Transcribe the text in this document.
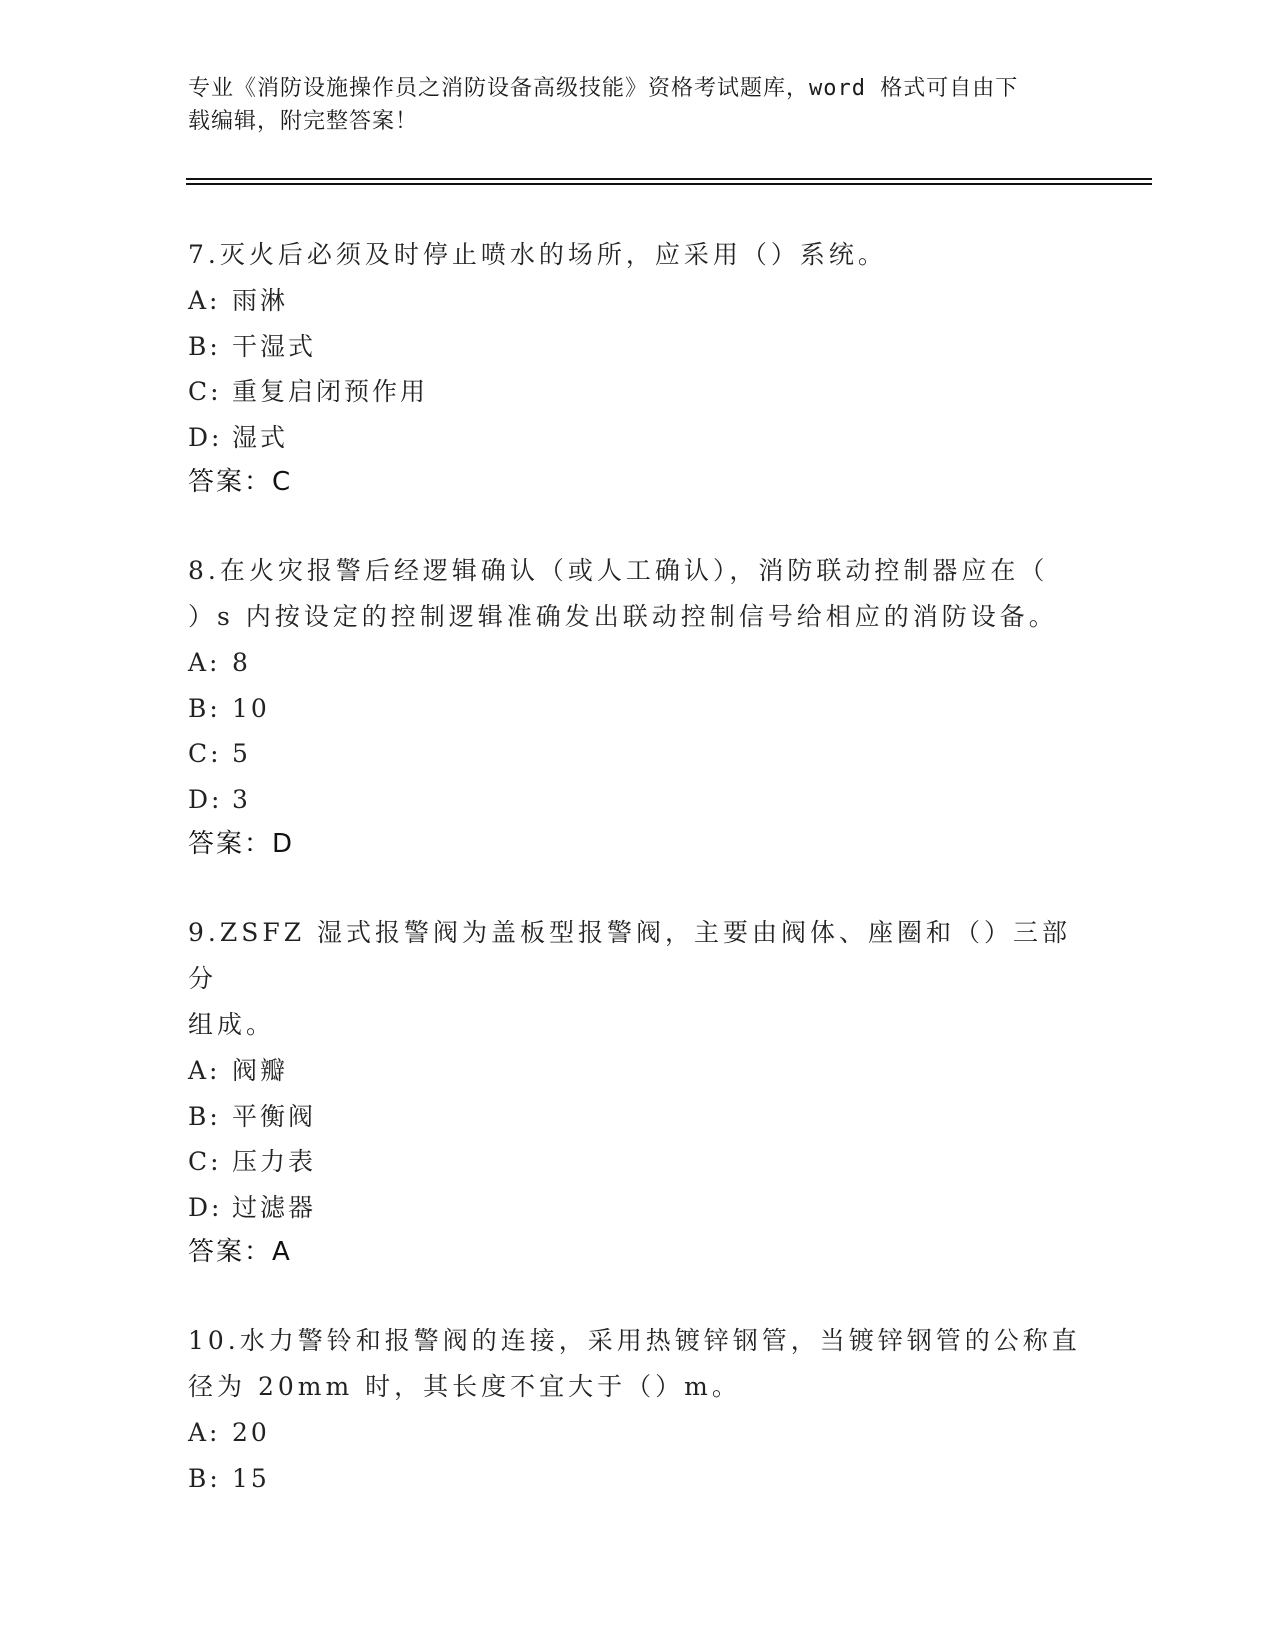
专业《消防设施操作员之消防设备高级技能》资格考试题库，word 格式可自由下
载编辑，附完整答案！
7.灭火后必须及时停止喷水的场所，应采用（）系统。
A: 雨淋
B: 干湿式
C: 重复启闭预作用
D: 湿式
答案：C
8.在火灾报警后经逻辑确认（或人工确认），消防联动控制器应在（
）s 内按设定的控制逻辑准确发出联动控制信号给相应的消防设备。
A: 8
B: 10
C: 5
D: 3
答案：D
9.ZSFZ 湿式报警阀为盖板型报警阀，主要由阀体、座圈和（）三部分
组成。
A: 阀瓣
B: 平衡阀
C: 压力表
D: 过滤器
答案：A
10.水力警铃和报警阀的连接，采用热镀锌钢管，当镀锌钢管的公称直
径为 20mm 时，其长度不宜大于（）m。
A: 20
B: 15
